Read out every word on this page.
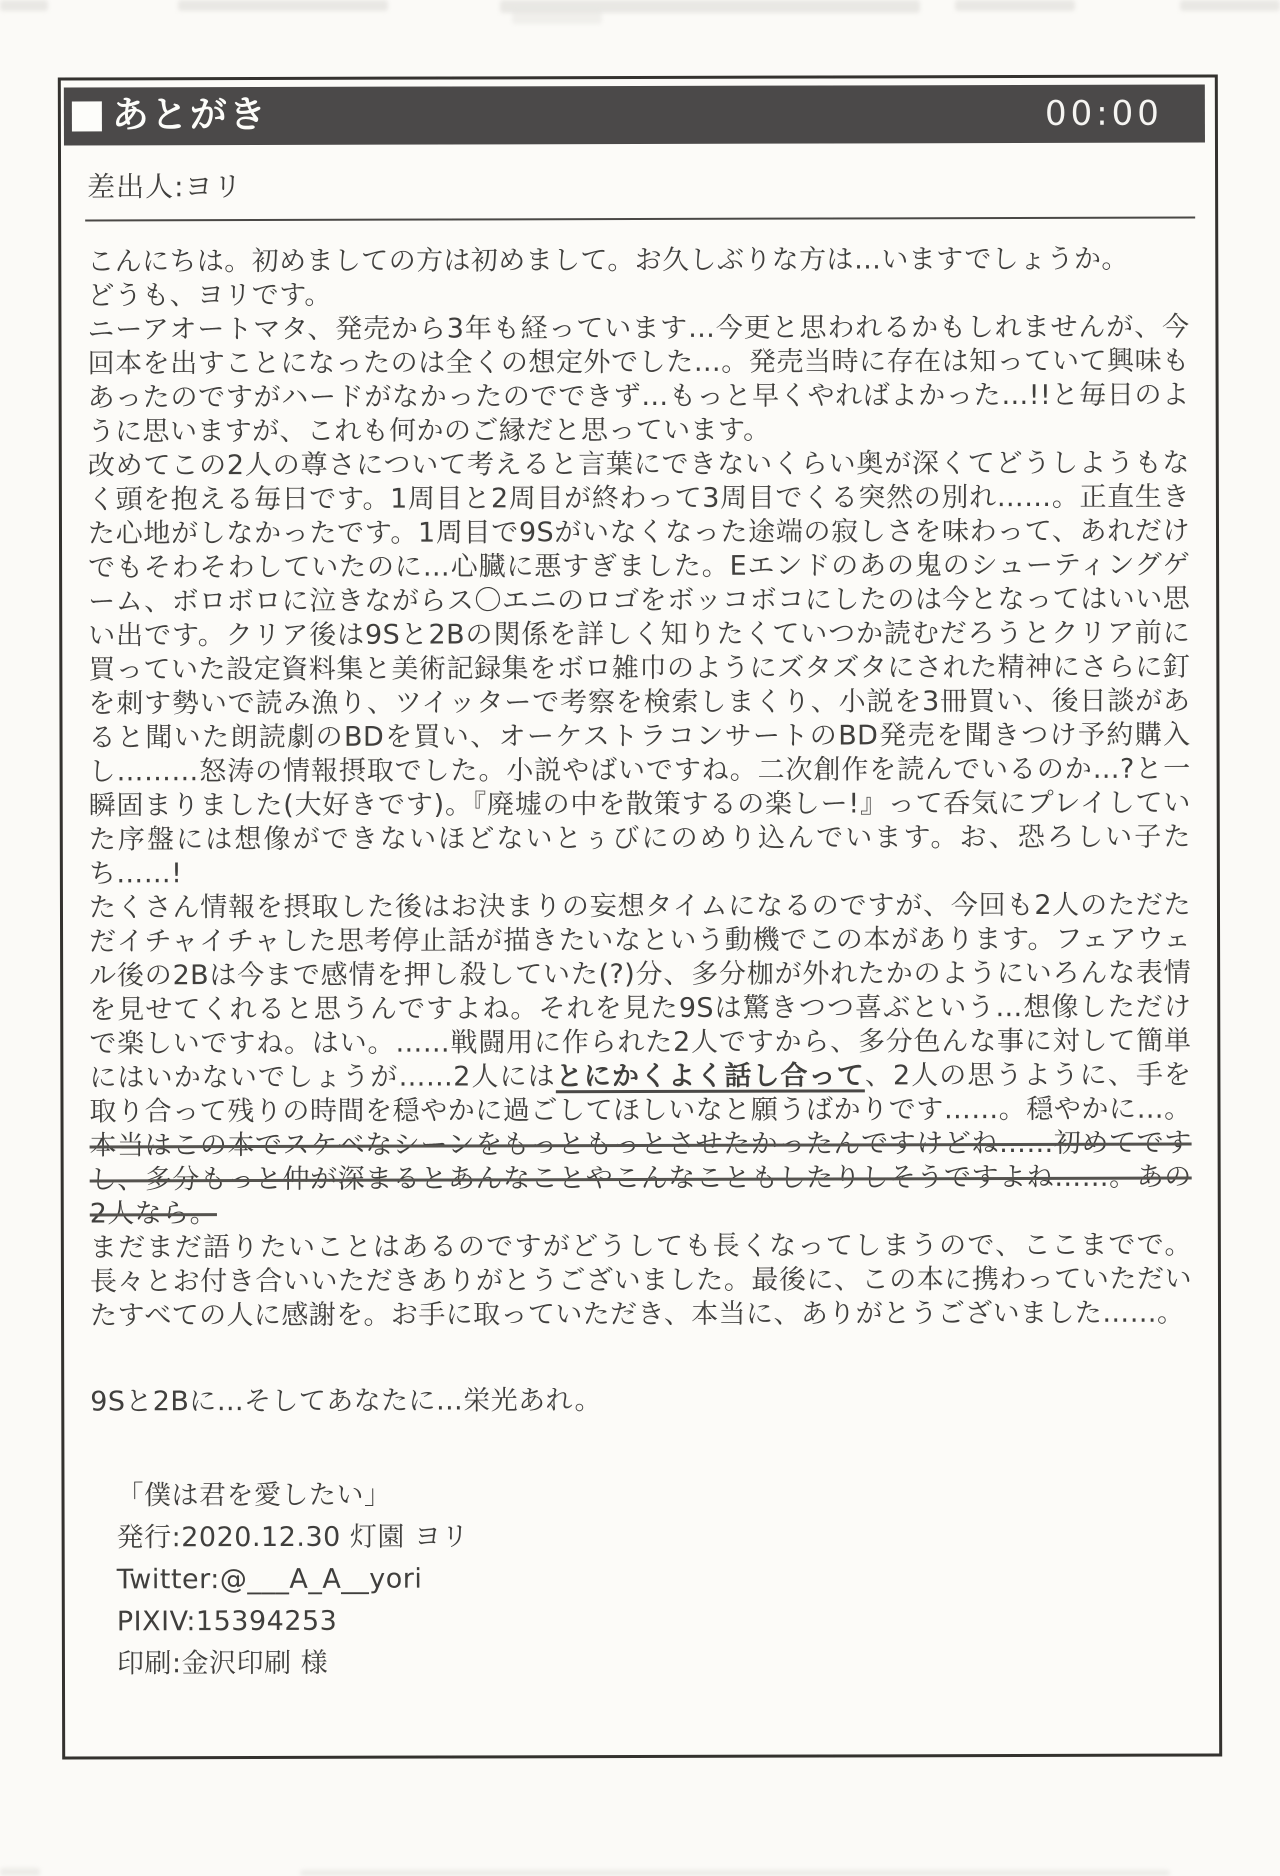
あとがき	00:00
差出人:ヨリ

こんにちは。初めましての方は初めまして。お久しぶりな方は…いますでしょうか。

どうも、ヨリです。

ニーアオートマタ、発売から3年も経っています…今更と思われるかもしれませんが、今回本を出すことになったのは全くの想定外でした…。発売当時に存在は知っていて興味もあったのですがハードがなかったのでできず…もっと早くやればよかった…!!と毎日のように思いますが、これも何かのご縁だと思っています。

改めてこの2人の尊さについて考えると言葉にできないくらい奥が深くてどうしようもなく頭を抱える毎日です。1周目と2周目が終わって3周目でくる突然の別れ……。正直生きた心地がしなかったです。1周目で9Sがいなくなった途端の寂しさを味わって、あれだけでもそわそわしていたのに…心臓に悪すぎました。Eエンドのあの鬼のシューティングゲーム、ボロボロに泣きながらス〇エニのロゴをボッコボコにしたのは今となってはいい思い出です。クリア後は9Sと2Bの関係を詳しく知りたくていつか読むだろうとクリア前に買っていた設定資料集と美術記録集をボロ雑巾のようにズタズタにされた精神にさらに釘を刺す勢いで読み漁り、ツイッターで考察を検索しまくり、小説を3冊買い、後日談があると聞いた朗読劇のBDを買い、オーケストラコンサートのBD発売を聞きつけ予約購入し………怒涛の情報摂取でした。小説やばいですね。二次創作を読んでいるのか…?と一瞬固まりました(大好きです)。『廃墟の中を散策するの楽しー!』って呑気にプレイしていた序盤には想像ができないほどないとぅびにのめり込んでいます。お、恐ろしい子たち……!

たくさん情報を摂取した後はお決まりの妄想タイムになるのですが、今回も2人のただただイチャイチャした思考停止話が描きたいなという動機でこの本があります。フェアウェル後の2Bは今まで感情を押し殺していた(?)分、多分枷が外れたかのようにいろんな表情を見せてくれると思うんですよね。それを見た9Sは驚きつつ喜ぶという…想像しただけで楽しいですね。はい。……戦闘用に作られた2人ですから、多分色んな事に対して簡単にはいかないでしょうが……2人にはとにかくよく話し合って、2人の思うように、手を取り合って残りの時間を穏やかに過ごしてほしいなと願うばかりです……。穏やかに…。本当はこの本でスケベなシーンをもっともっとさせたかったんですけどね……初めてですし、多分もっと仲が深まるとあんなことやこんなこともしたりしそうですよね……。あの2人なら。

まだまだ語りたいことはあるのですがどうしても長くなってしまうので、ここまでで。長々とお付き合いいただきありがとうございました。最後に、この本に携わっていただいたすべての人に感謝を。お手に取っていただき、本当に、ありがとうございました……。

9Sと2Bに…そしてあなたに…栄光あれ。

「僕は君を愛したい」
発行:2020.12.30 灯園 ヨリ
Twitter:@___A_A__yori
PIXIV:15394253
印刷:金沢印刷 様
